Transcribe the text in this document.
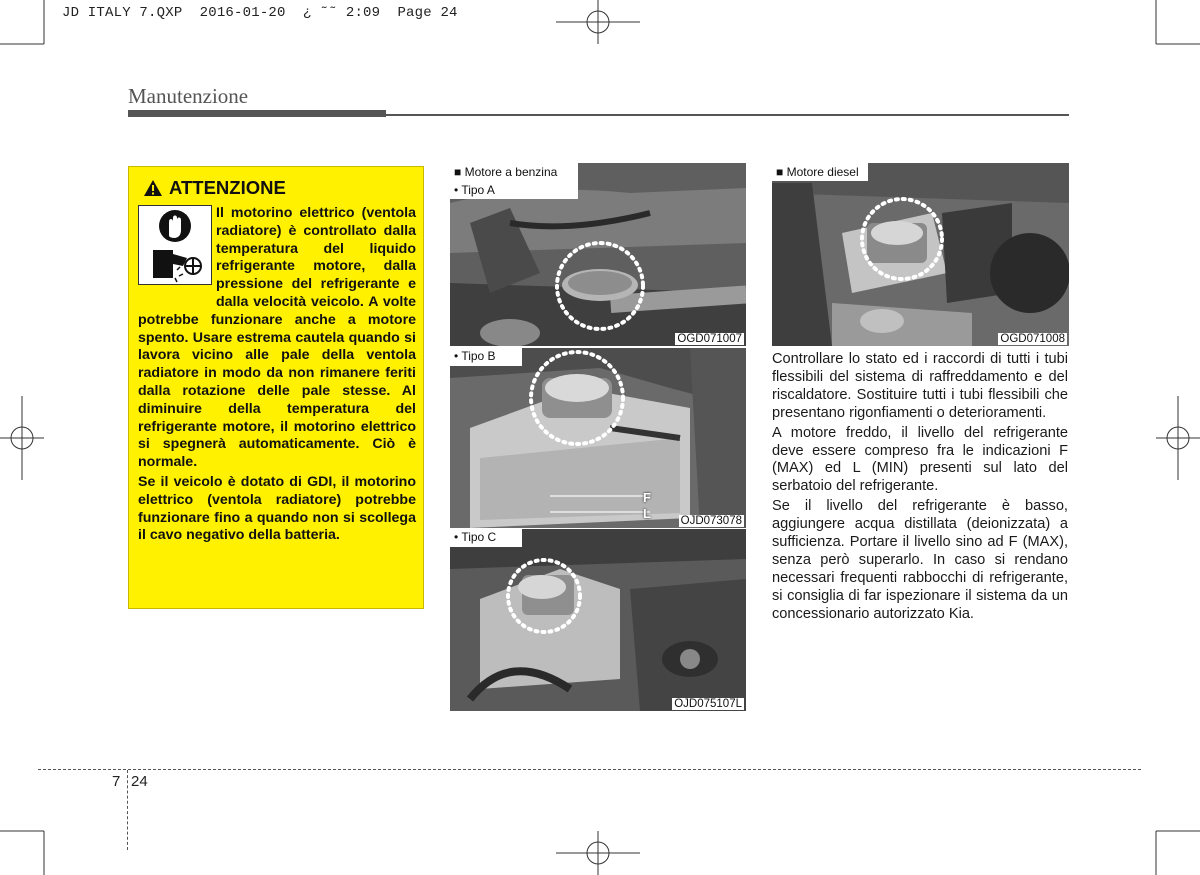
JD ITALY 7.QXP  2016-01-20  ¿ ˜˜ 2:09  Page 24
Manutenzione
ATTENZIONE

Il motorino elettrico (ventola radiatore) è controllato dalla temperatura del liquido refrigerante motore, dalla pressione del refrigerante e dalla velocità veicolo. A volte potrebbe funzionare anche a motore spento. Usare estrema cautela quando si lavora vicino alle pale della ventola radiatore in modo da non rimanere feriti dalla rotazione delle pale stesse. Al diminuire della temperatura del refrigerante motore, il motorino elettrico si spegnerà automaticamente. Ciò è normale.

Se il veicolo è dotato di GDI, il motorino elettrico (ventola radiatore) potrebbe funzionare fino a quando non si scollega il cavo negativo della batteria.

■ Motore a benzina
• Tipo A
OGD071007
• Tipo B
F
L	OJD073078
• Tipo C
OJD075107L
■ Motore diesel
OGD071008

Controllare lo stato ed i raccordi di tutti i tubi flessibili del sistema di raffreddamento e del riscaldatore. Sostituire tutti i tubi flessibili che presentano rigonfiamenti o deterioramenti.

A motore freddo, il livello del refrigerante deve essere compreso fra le indicazioni F (MAX) ed L (MIN) presenti sul lato del serbatoio del refrigerante.

Se il livello del refrigerante è basso, aggiungere acqua distillata (deionizzata) a sufficienza. Portare il livello sino ad F (MAX), senza però superarlo. In caso si rendano necessari frequenti rabbocchi di refrigerante, si consiglia di far ispezionare il sistema da un concessionario autorizzato Kia.

7 24
